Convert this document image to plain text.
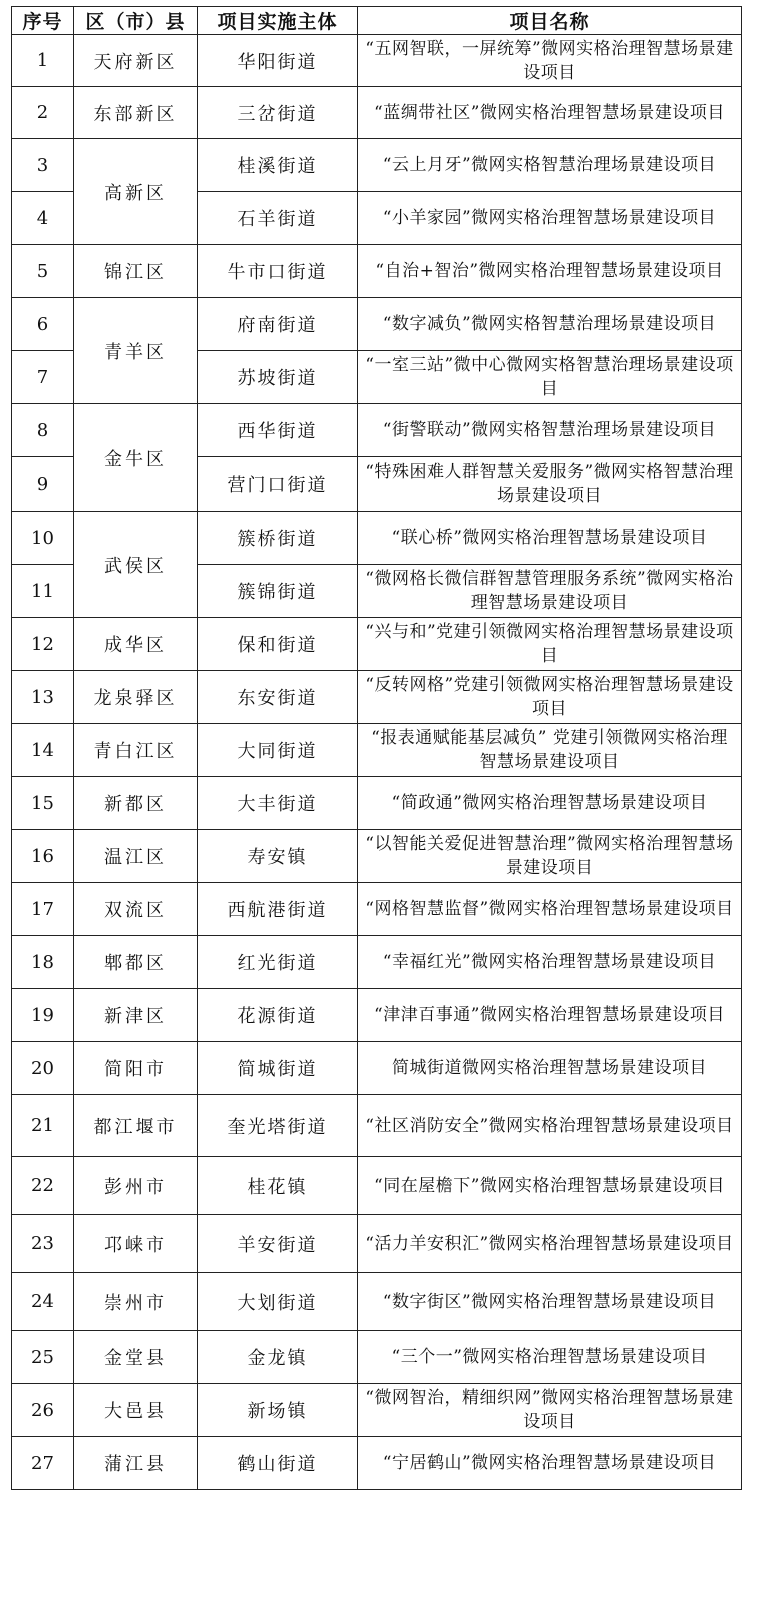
序号	区（市）县	项目实施主体	项目名称
1	天府新区	华阳街道	“五网智联，一屏统筹”微网实格治理智慧场景建设项目
2	东部新区	三岔街道	“蓝绸带社区”微网实格治理智慧场景建设项目
3	高新区	桂溪街道	“云上月牙”微网实格智慧治理场景建设项目
4		石羊街道	“小羊家园”微网实格治理智慧场景建设项目
5	锦江区	牛市口街道	“自治+智治”微网实格治理智慧场景建设项目
6	青羊区	府南街道	“数字减负”微网实格智慧治理场景建设项目
7		苏坡街道	“一室三站”微中心微网实格智慧治理场景建设项目
8	金牛区	西华街道	“街警联动”微网实格智慧治理场景建设项目
9		营门口街道	“特殊困难人群智慧关爱服务”微网实格智慧治理场景建设项目
10	武侯区	簇桥街道	“联心桥”微网实格治理智慧场景建设项目
11		簇锦街道	“微网格长微信群智慧管理服务系统”微网实格治理智慧场景建设项目
12	成华区	保和街道	“兴与和”党建引领微网实格治理智慧场景建设项目
13	龙泉驿区	东安街道	“反转网格”党建引领微网实格治理智慧场景建设项目
14	青白江区	大同街道	“报表通赋能基层减负” 党建引领微网实格治理智慧场景建设项目
15	新都区	大丰街道	“简政通”微网实格治理智慧场景建设项目
16	温江区	寿安镇	“以智能关爱促进智慧治理”微网实格治理智慧场景建设项目
17	双流区	西航港街道	“网格智慧监督”微网实格治理智慧场景建设项目
18	郫都区	红光街道	“幸福红光”微网实格治理智慧场景建设项目
19	新津区	花源街道	“津津百事通”微网实格治理智慧场景建设项目
20	简阳市	简城街道	简城街道微网实格治理智慧场景建设项目
21	都江堰市	奎光塔街道	“社区消防安全”微网实格治理智慧场景建设项目
22	彭州市	桂花镇	“同在屋檐下”微网实格治理智慧场景建设项目
23	邛崃市	羊安街道	“活力羊安积汇”微网实格治理智慧场景建设项目
24	崇州市	大划街道	“数字街区”微网实格治理智慧场景建设项目
25	金堂县	金龙镇	“三个一”微网实格治理智慧场景建设项目
26	大邑县	新场镇	“微网智治，精细织网”微网实格治理智慧场景建设项目
27	蒲江县	鹤山街道	“宁居鹤山”微网实格治理智慧场景建设项目
